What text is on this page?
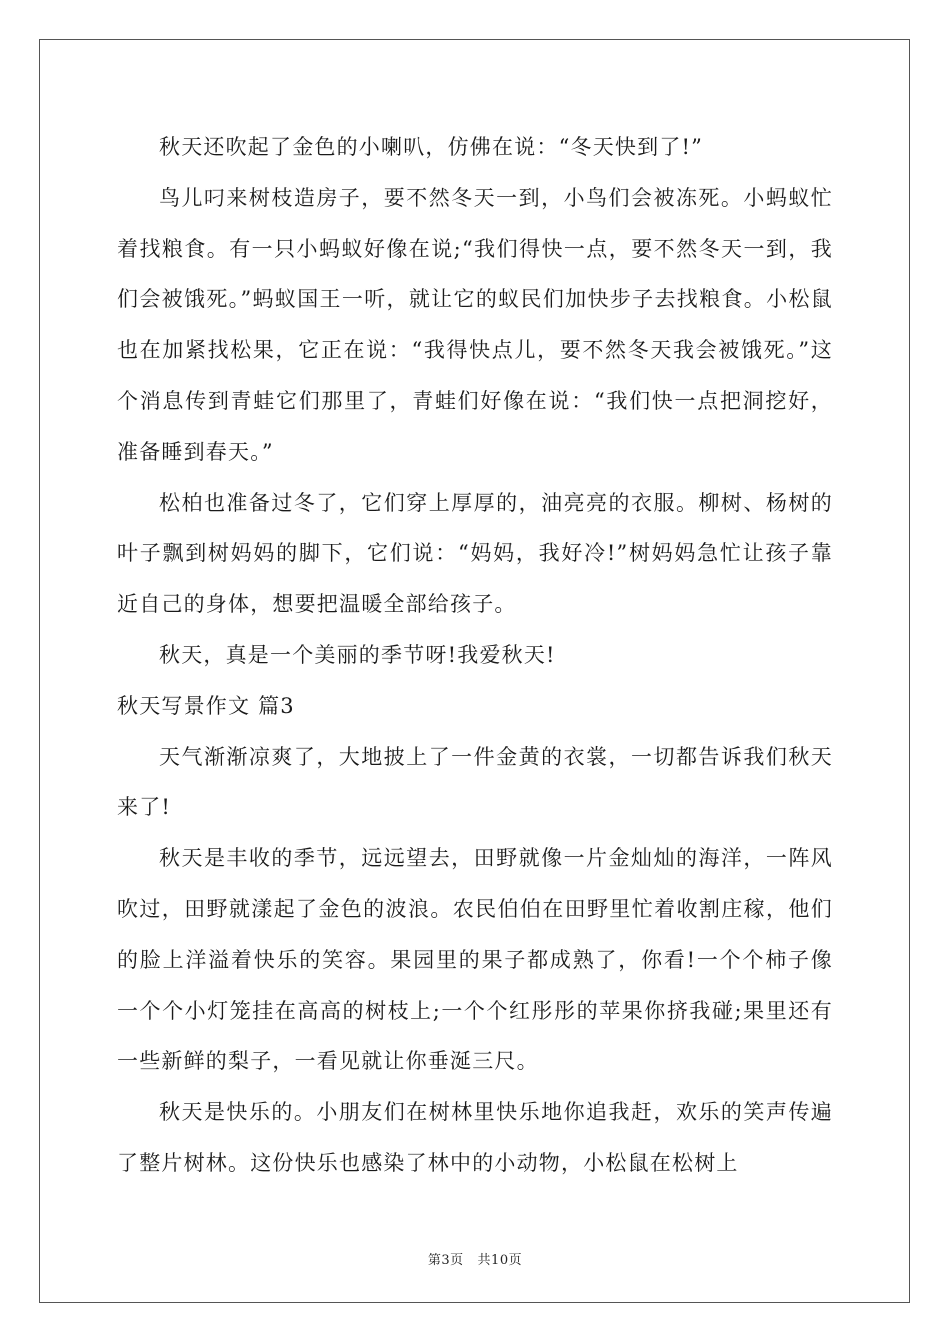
秋天还吹起了金色的小喇叭，仿佛在说：“冬天快到了!”

鸟儿叼来树枝造房子，要不然冬天一到，小鸟们会被冻死。小蚂蚁忙着找粮食。有一只小蚂蚁好像在说;“我们得快一点，要不然冬天一到，我们会被饿死。”蚂蚁国王一听，就让它的蚁民们加快步子去找粮食。小松鼠也在加紧找松果，它正在说：“我得快点儿，要不然冬天我会被饿死。”这个消息传到青蛙它们那里了，青蛙们好像在说：“我们快一点把洞挖好，准备睡到春天。”

松柏也准备过冬了，它们穿上厚厚的，油亮亮的衣服。柳树、杨树的叶子飘到树妈妈的脚下，它们说：“妈妈，我好冷!”树妈妈急忙让孩子靠近自己的身体，想要把温暖全部给孩子。

秋天，真是一个美丽的季节呀!我爱秋天!

秋天写景作文 篇3

天气渐渐凉爽了，大地披上了一件金黄的衣裳，一切都告诉我们秋天来了!

秋天是丰收的季节，远远望去，田野就像一片金灿灿的海洋，一阵风吹过，田野就漾起了金色的波浪。农民伯伯在田野里忙着收割庄稼，他们的脸上洋溢着快乐的笑容。果园里的果子都成熟了，你看!一个个柿子像一个个小灯笼挂在高高的树枝上;一个个红彤彤的苹果你挤我碰;果里还有一些新鲜的梨子，一看见就让你垂涎三尺。

秋天是快乐的。小朋友们在树林里快乐地你追我赶，欢乐的笑声传遍了整片树林。这份快乐也感染了林中的小动物，小松鼠在松树上

第3页   共10页
